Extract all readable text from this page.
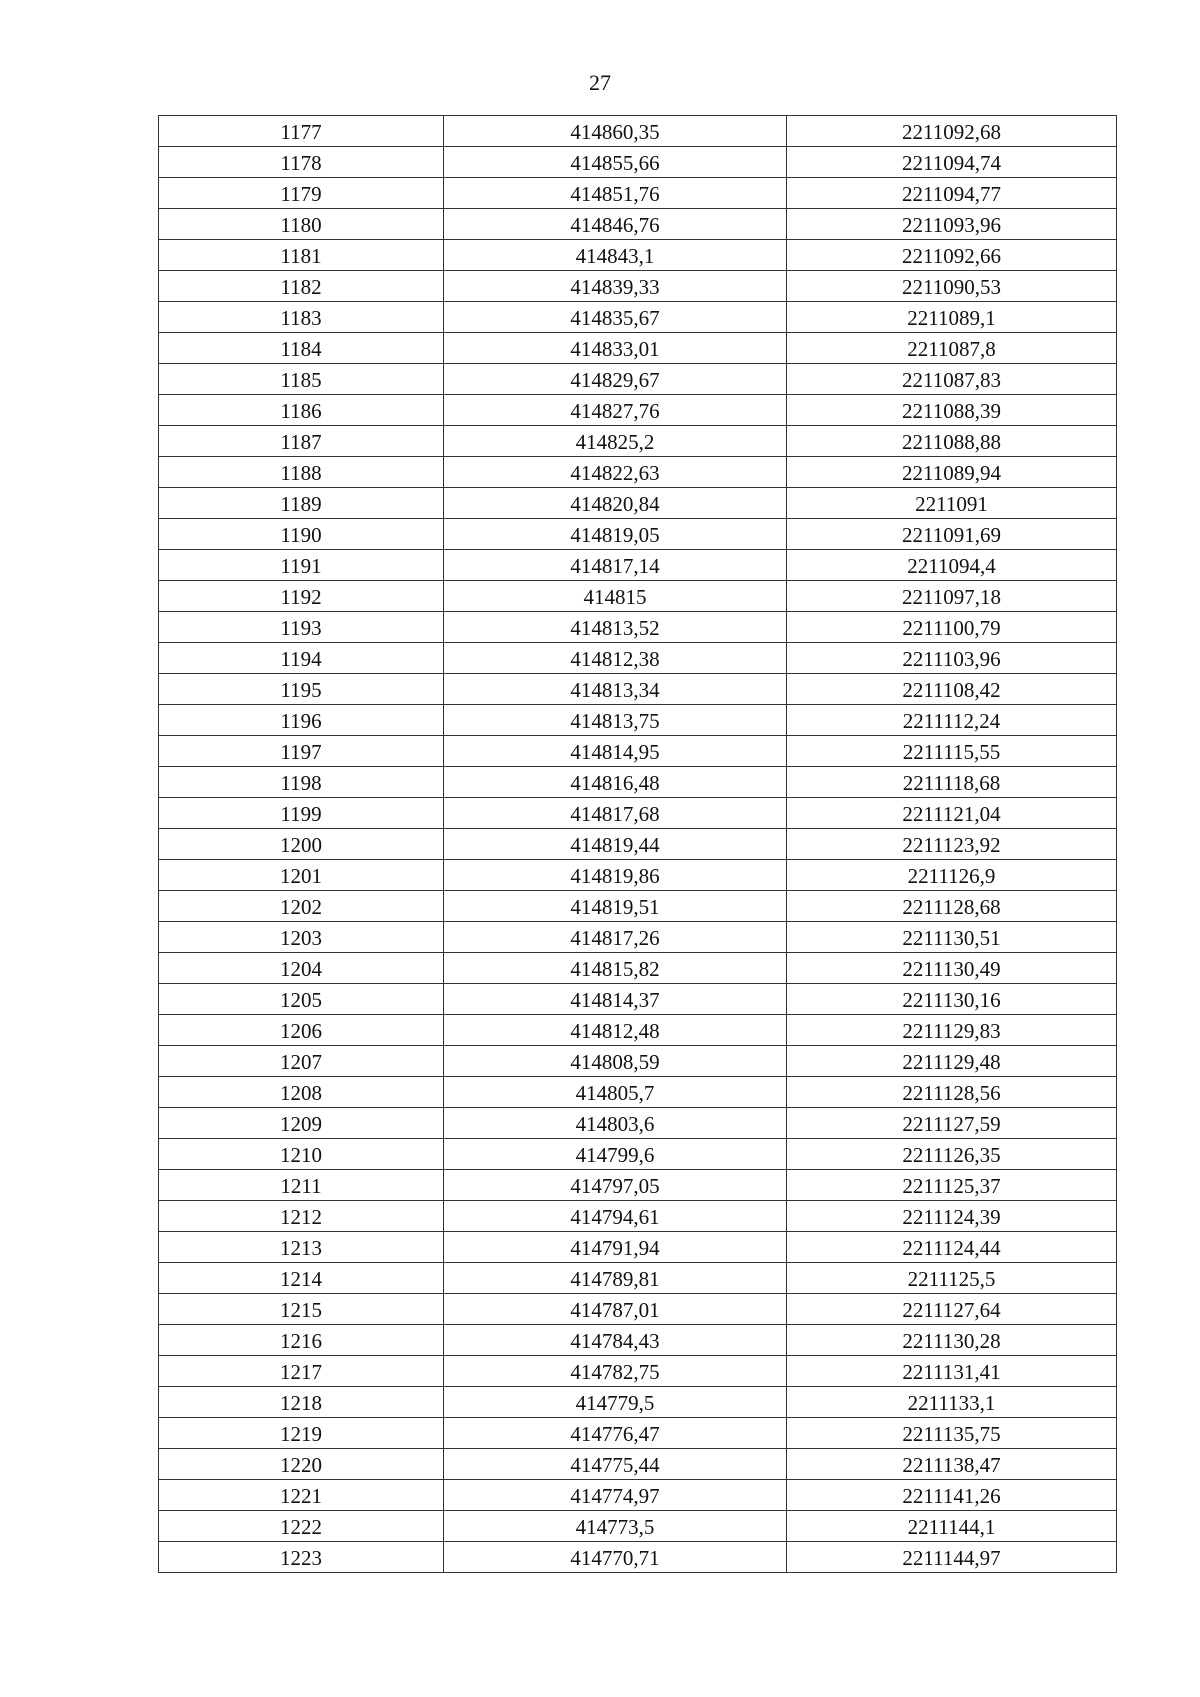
27
1177	414860,35	2211092,68
1178	414855,66	2211094,74
1179	414851,76	2211094,77
1180	414846,76	2211093,96
1181	414843,1	2211092,66
1182	414839,33	2211090,53
1183	414835,67	2211089,1
1184	414833,01	2211087,8
1185	414829,67	2211087,83
1186	414827,76	2211088,39
1187	414825,2	2211088,88
1188	414822,63	2211089,94
1189	414820,84	2211091
1190	414819,05	2211091,69
1191	414817,14	2211094,4
1192	414815	2211097,18
1193	414813,52	2211100,79
1194	414812,38	2211103,96
1195	414813,34	2211108,42
1196	414813,75	2211112,24
1197	414814,95	2211115,55
1198	414816,48	2211118,68
1199	414817,68	2211121,04
1200	414819,44	2211123,92
1201	414819,86	2211126,9
1202	414819,51	2211128,68
1203	414817,26	2211130,51
1204	414815,82	2211130,49
1205	414814,37	2211130,16
1206	414812,48	2211129,83
1207	414808,59	2211129,48
1208	414805,7	2211128,56
1209	414803,6	2211127,59
1210	414799,6	2211126,35
1211	414797,05	2211125,37
1212	414794,61	2211124,39
1213	414791,94	2211124,44
1214	414789,81	2211125,5
1215	414787,01	2211127,64
1216	414784,43	2211130,28
1217	414782,75	2211131,41
1218	414779,5	2211133,1
1219	414776,47	2211135,75
1220	414775,44	2211138,47
1221	414774,97	2211141,26
1222	414773,5	2211144,1
1223	414770,71	2211144,97
